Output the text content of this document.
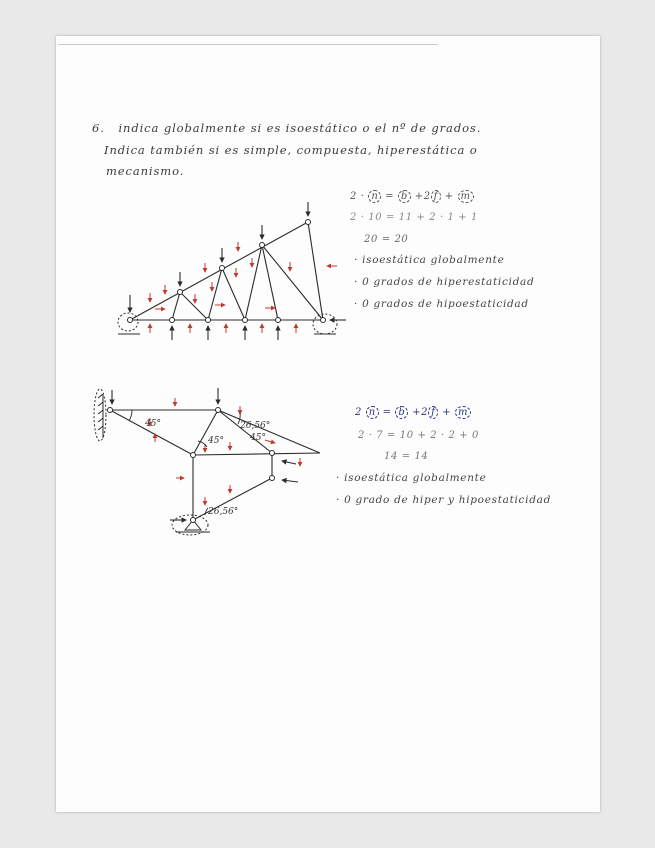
6. indica globalmente si es isoestático o el nº de grados.
Indica también si es simple, compuesta, hiperestática o
mecanismo.
2 · n = b +2 f + m
2 · 10 = 11 + 2 · 1 + 1
20 = 20
· isoestática globalmente
· 0 grados de hiperestaticidad
· 0 grados de hipoestaticidad
2 n = b +2 f + m
2 · 7 = 10 + 2 · 2 + 0
14 = 14
· isoestática globalmente
· 0 grado de hiper y hipoestaticidad
45°	26,56°
45°	45°
26,56°
